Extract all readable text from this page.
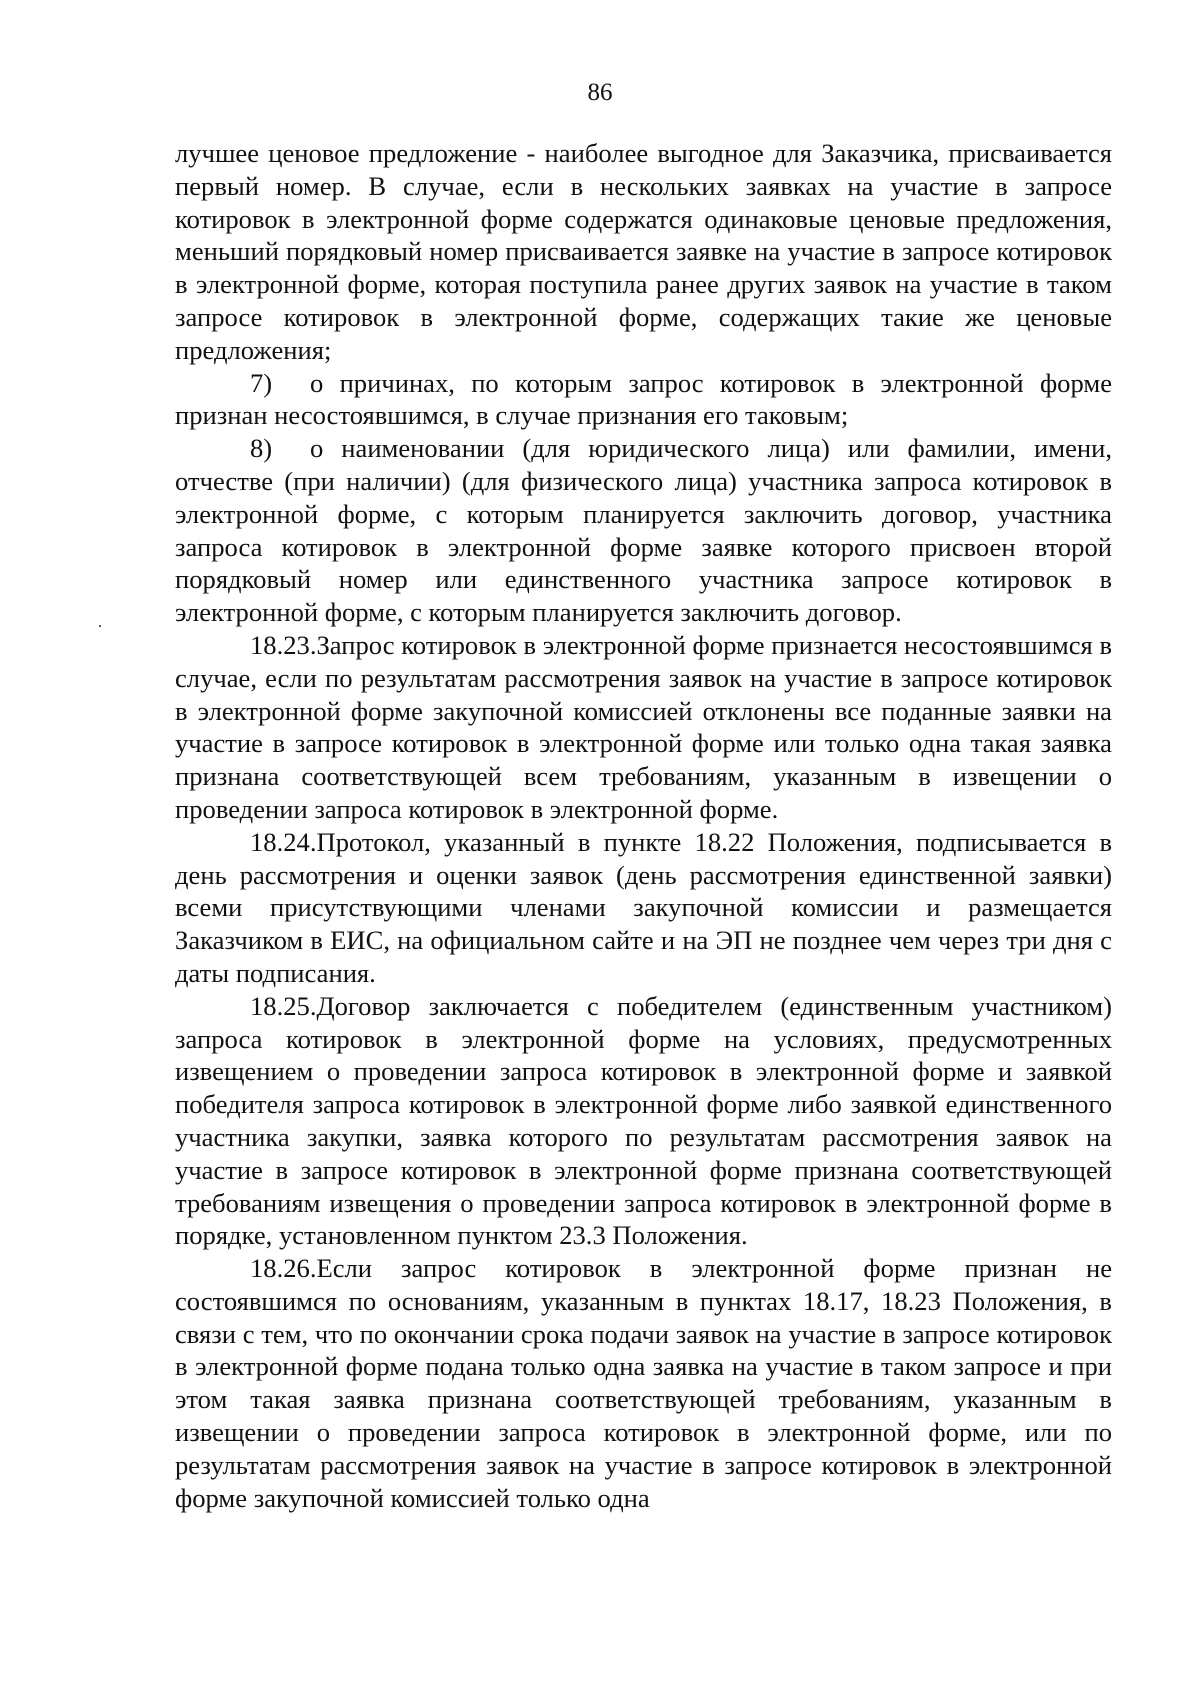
86

лучшее ценовое предложение - наиболее выгодное для Заказчика, присваивается первый номер. В случае, если в нескольких заявках на участие в запросе котировок в электронной форме содержатся одинаковые ценовые предложения, меньший порядковый номер присваивается заявке на участие в запросе котировок в электронной форме, которая поступила ранее других заявок на участие в таком запросе котировок в электронной форме, содержащих такие же ценовые предложения;

7) о причинах, по которым запрос котировок в электронной форме признан несостоявшимся, в случае признания его таковым;

8) о наименовании (для юридического лица) или фамилии, имени, отчестве (при наличии) (для физического лица) участника запроса котировок в электронной форме, с которым планируется заключить договор, участника запроса котировок в электронной форме заявке которого присвоен второй порядковый номер или единственного участника запросе котировок в электронной форме, с которым планируется заключить договор.

18.23.Запрос котировок в электронной форме признается несостоявшимся в случае, если по результатам рассмотрения заявок на участие в запросе котировок в электронной форме закупочной комиссией отклонены все поданные заявки на участие в запросе котировок в электронной форме или только одна такая заявка признана соответствующей всем требованиям, указанным в извещении о проведении запроса котировок в электронной форме.

18.24.Протокол, указанный в пункте 18.22 Положения, подписывается в день рассмотрения и оценки заявок (день рассмотрения единственной заявки) всеми присутствующими членами закупочной комиссии и размещается Заказчиком в ЕИС, на официальном сайте и на ЭП не позднее чем через три дня с даты подписания.

18.25.Договор заключается с победителем (единственным участником) запроса котировок в электронной форме на условиях, предусмотренных извещением о проведении запроса котировок в электронной форме и заявкой победителя запроса котировок в электронной форме либо заявкой единственного участника закупки, заявка которого по результатам рассмотрения заявок на участие в запросе котировок в электронной форме признана соответствующей требованиям извещения о проведении запроса котировок в электронной форме в порядке, установленном пунктом 23.3 Положения.

18.26.Если запрос котировок в электронной форме признан не состоявшимся по основаниям, указанным в пунктах 18.17, 18.23 Положения, в связи с тем, что по окончании срока подачи заявок на участие в запросе котировок в электронной форме подана только одна заявка на участие в таком запросе и при этом такая заявка признана соответствующей требованиям, указанным в извещении о проведении запроса котировок в электронной форме, или по результатам рассмотрения заявок на участие в запросе котировок в электронной форме закупочной комиссией только одна
